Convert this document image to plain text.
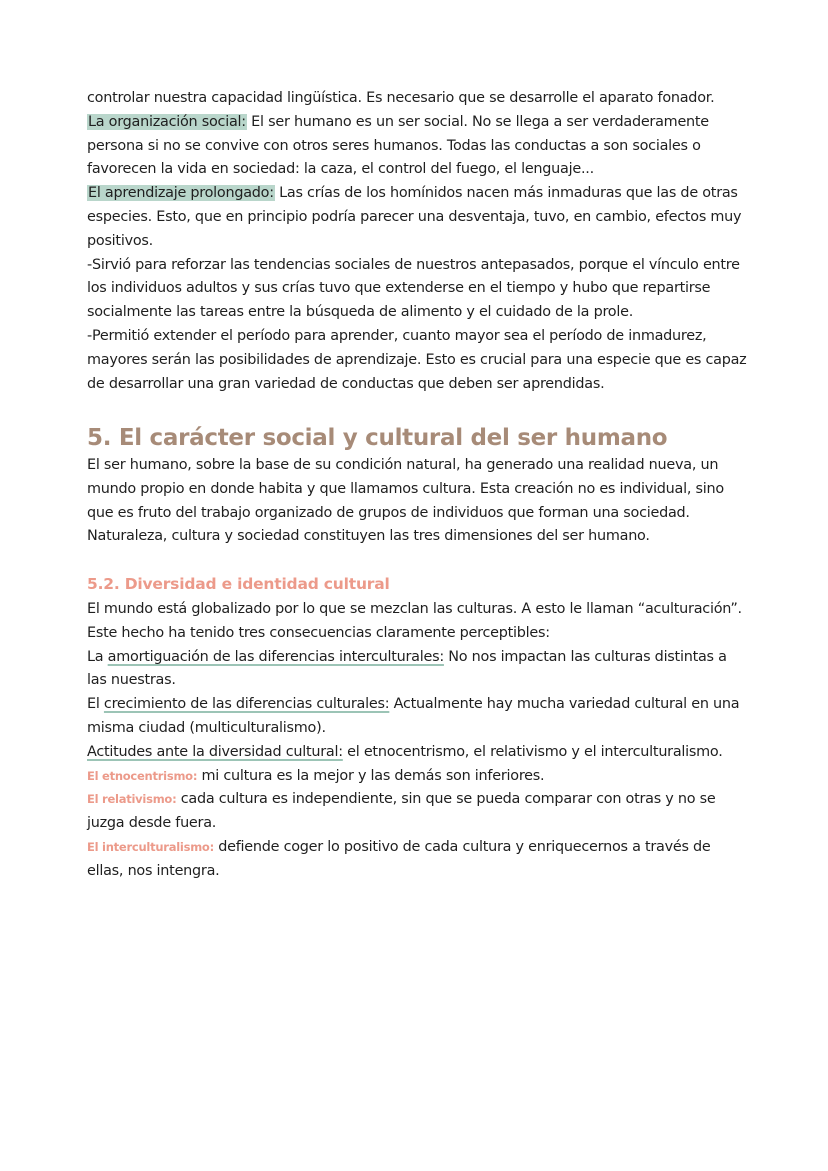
controlar nuestra capacidad lingüística. Es necesario que se desarrolle el aparato fonador.
La organización social: El ser humano es un ser social. No se llega a ser verdaderamente persona si no se convive con otros seres humanos. Todas las conductas a son sociales o favorecen la vida en sociedad: la caza, el control del fuego, el lenguaje...
El aprendizaje prolongado: Las crías de los homínidos nacen más inmaduras que las de otras especies. Esto, que en principio podría parecer una desventaja, tuvo, en cambio, efectos muy positivos.
-Sirvió para reforzar las tendencias sociales de nuestros antepasados, porque el vínculo entre los individuos adultos y sus crías tuvo que extenderse en el tiempo y hubo que repartirse socialmente las tareas entre la búsqueda de alimento y el cuidado de la prole.
-Permitió extender el período para aprender, cuanto mayor sea el período de inmadurez, mayores serán las posibilidades de aprendizaje. Esto es crucial para una especie que es capaz de desarrollar una gran variedad de conductas que deben ser aprendidas.
5. El carácter social y cultural del ser humano
El ser humano, sobre la base de su condición natural, ha generado una realidad nueva, un mundo propio en donde habita y que llamamos cultura. Esta creación no es individual, sino que es fruto del trabajo organizado de grupos de individuos que forman una sociedad. Naturaleza, cultura y sociedad constituyen las tres dimensiones del ser humano.
5.2. Diversidad e identidad cultural
El mundo está globalizado por lo que se mezclan las culturas. A esto le llaman “aculturación”.
Este hecho ha tenido tres consecuencias claramente perceptibles:
La amortiguación de las diferencias interculturales: No nos impactan las culturas distintas a las nuestras.
El crecimiento de las diferencias culturales: Actualmente hay mucha variedad cultural en una misma ciudad (multiculturalismo).
Actitudes ante la diversidad cultural: el etnocentrismo, el relativismo y el interculturalismo.
El etnocentrismo: mi cultura es la mejor y las demás son inferiores.
El relativismo: cada cultura es independiente, sin que se pueda comparar con otras y no se juzga desde fuera.
El interculturalismo: defiende coger lo positivo de cada cultura y enriquecernos a través de ellas, nos intengra.
